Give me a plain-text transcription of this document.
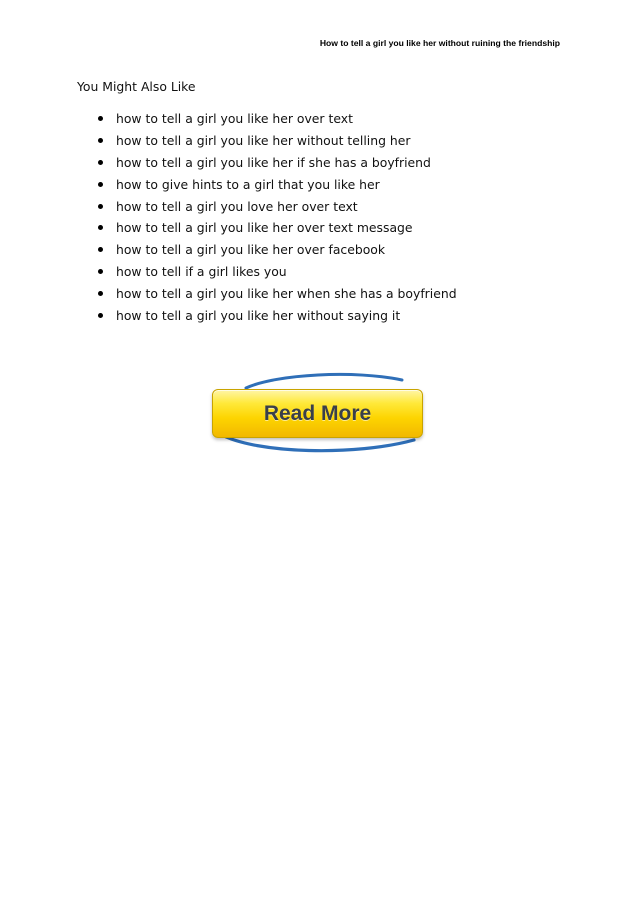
How to tell a girl you like her without ruining the friendship
You Might Also Like
how to tell a girl you like her over text
how to tell a girl you like her without telling her
how to tell a girl you like her if she has a boyfriend
how to give hints to a girl that you like her
how to tell a girl you love her over text
how to tell a girl you like her over text message
how to tell a girl you like her over facebook
how to tell if a girl likes you
how to tell a girl you like her when she has a boyfriend
how to tell a girl you like her without saying it
Read More
